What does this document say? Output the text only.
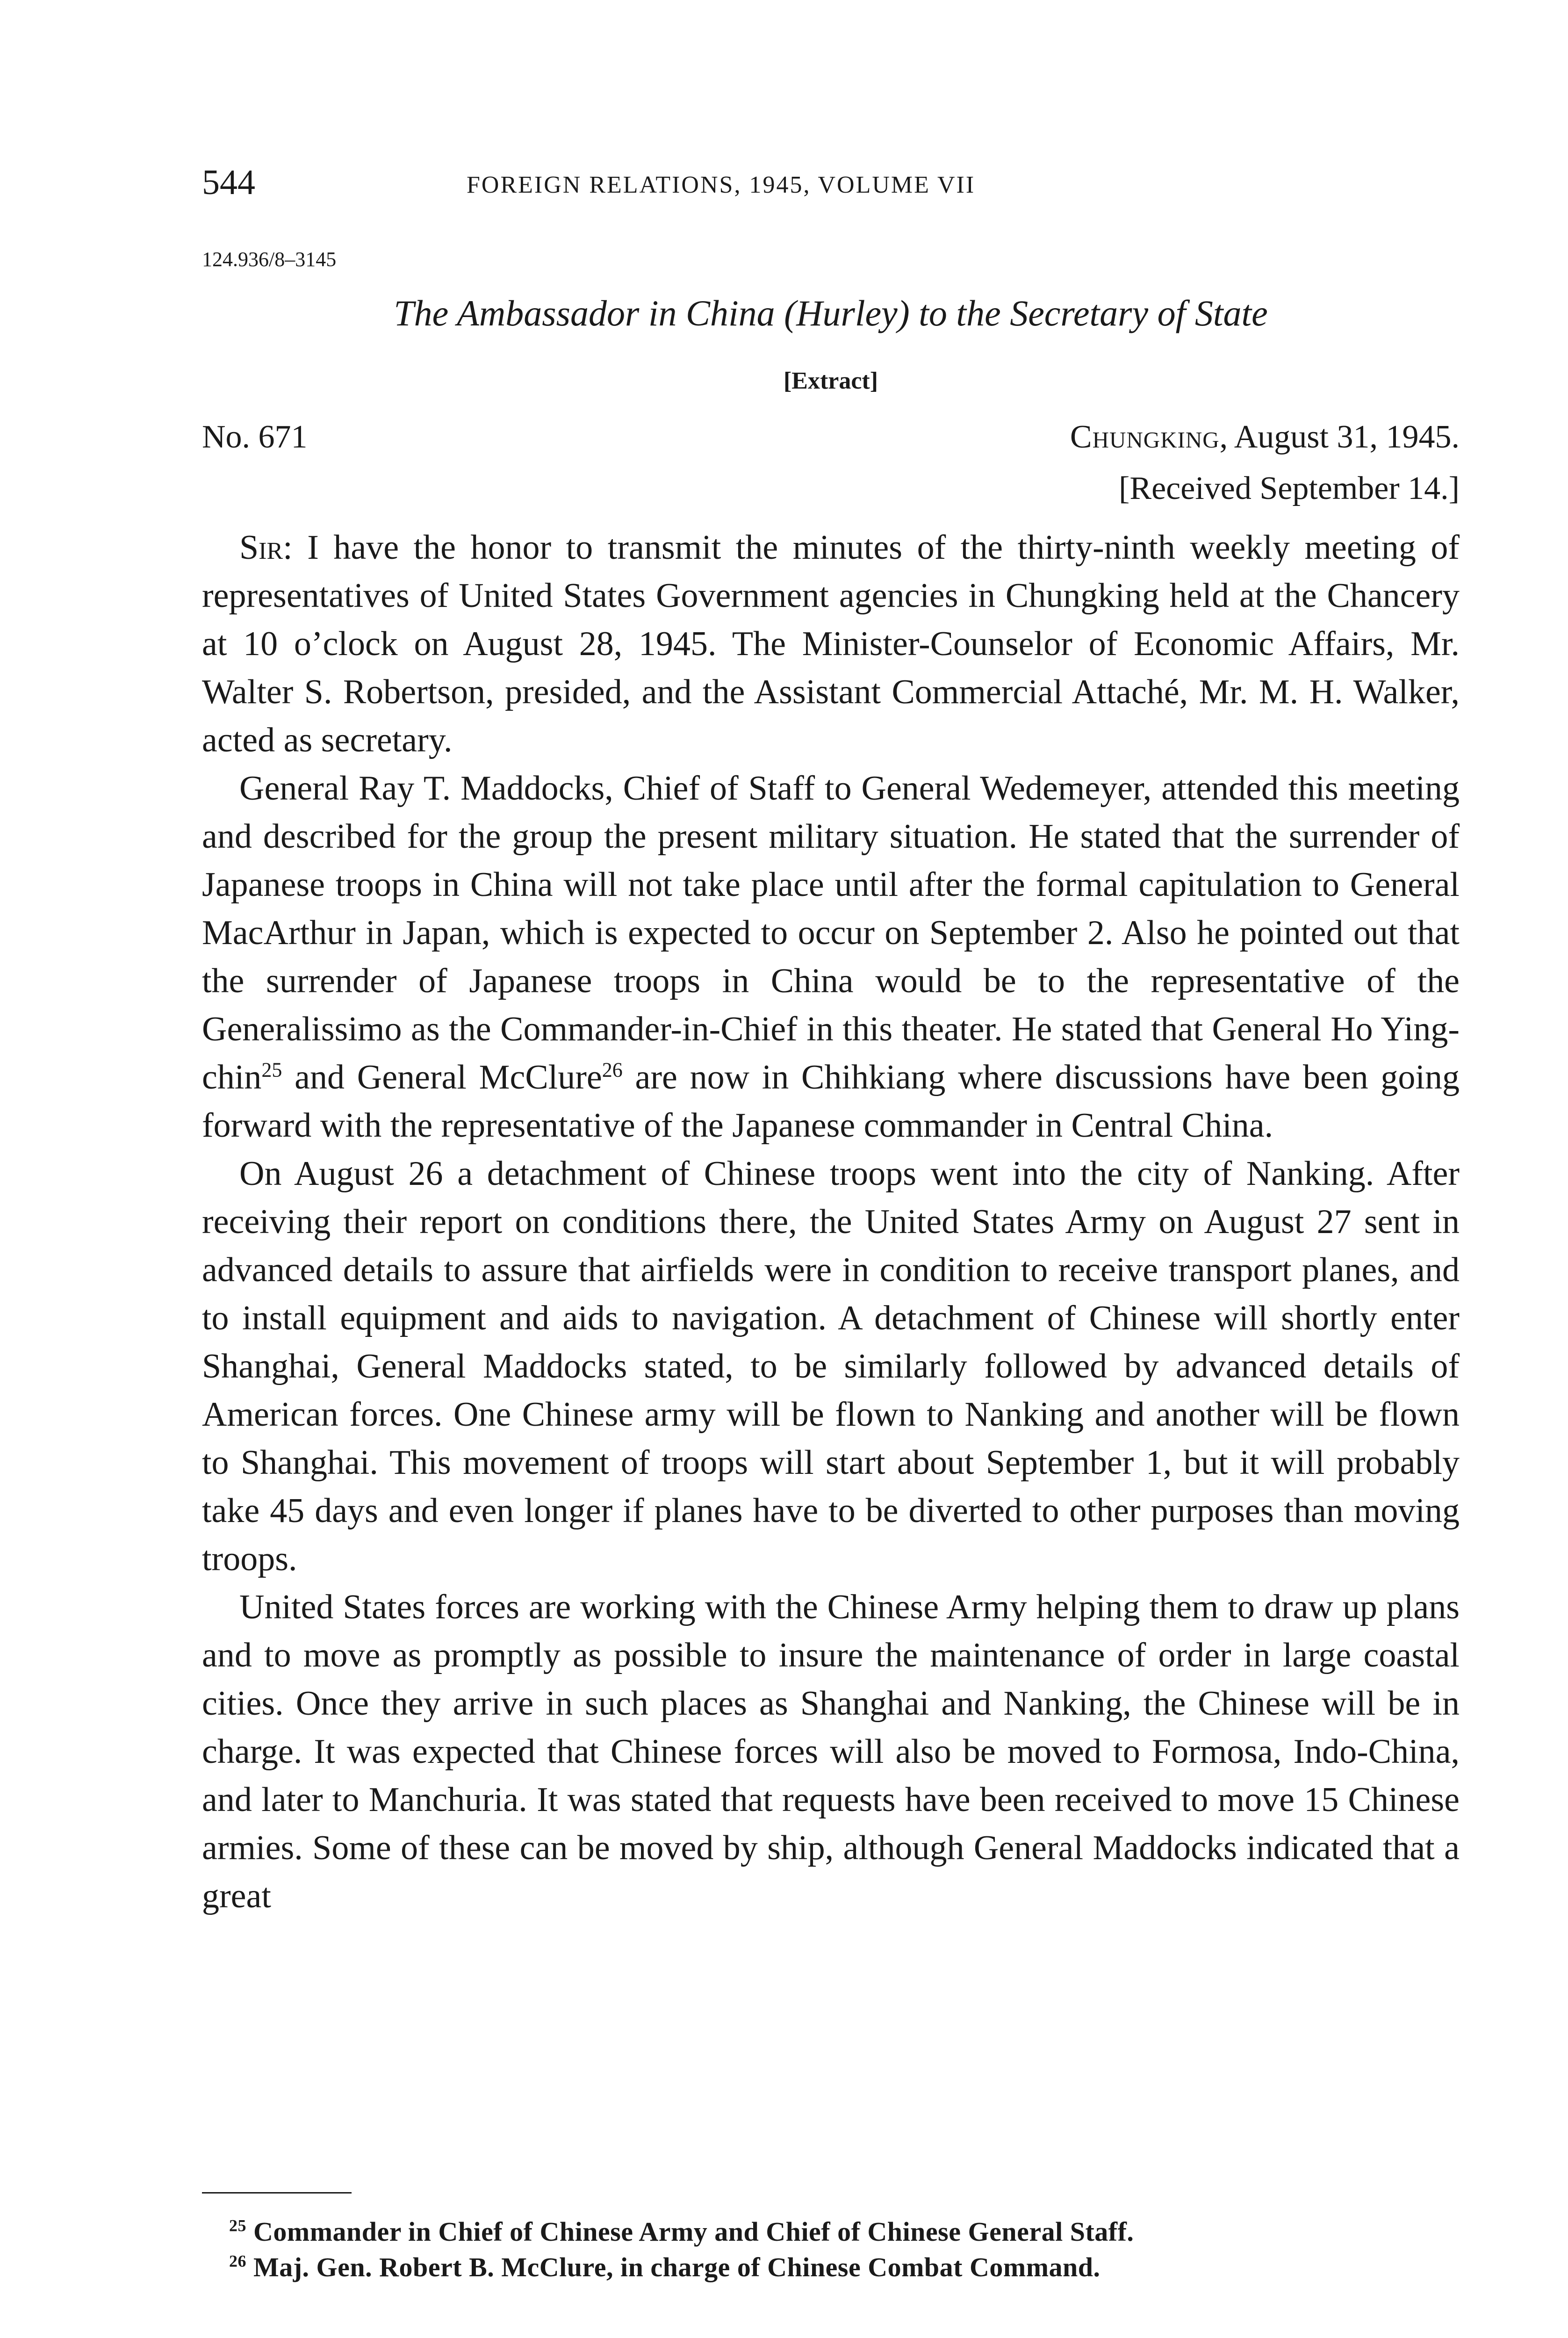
544	FOREIGN RELATIONS, 1945, VOLUME VII
124.936/8–3145
The Ambassador in China (Hurley) to the Secretary of State
[Extract]
No. 671	Chungking, August 31, 1945.
[Received September 14.]

Sir: I have the honor to transmit the minutes of the thirty-ninth weekly meeting of representatives of United States Government agencies in Chungking held at the Chancery at 10 o’clock on August 28, 1945. The Minister-Counselor of Economic Affairs, Mr. Walter S. Robertson, presided, and the Assistant Commercial Attaché, Mr. M. H. Walker, acted as secretary.

General Ray T. Maddocks, Chief of Staff to General Wedemeyer, attended this meeting and described for the group the present military situation. He stated that the surrender of Japanese troops in China will not take place until after the formal capitulation to General MacArthur in Japan, which is expected to occur on September 2. Also he pointed out that the surrender of Japanese troops in China would be to the representative of the Generalissimo as the Commander-in-Chief in this theater. He stated that General Ho Ying-chin$^{25}$ and General McClure$^{26}$ are now in Chihkiang where discussions have been going forward with the representative of the Japanese commander in Central China.

On August 26 a detachment of Chinese troops went into the city of Nanking. After receiving their report on conditions there, the United States Army on August 27 sent in advanced details to assure that airfields were in condition to receive transport planes, and to install equipment and aids to navigation. A detachment of Chinese will shortly enter Shanghai, General Maddocks stated, to be similarly followed by advanced details of American forces. One Chinese army will be flown to Nanking and another will be flown to Shanghai. This movement of troops will start about September 1, but it will probably take 45 days and even longer if planes have to be diverted to other purposes than moving troops.

United States forces are working with the Chinese Army helping them to draw up plans and to move as promptly as possible to insure the maintenance of order in large coastal cities. Once they arrive in such places as Shanghai and Nanking, the Chinese will be in charge. It was expected that Chinese forces will also be moved to Formosa, Indo-China, and later to Manchuria. It was stated that requests have been received to move 15 Chinese armies. Some of these can be moved by ship, although General Maddocks indicated that a great

$^{25}$ Commander in Chief of Chinese Army and Chief of Chinese General Staff.
$^{26}$ Maj. Gen. Robert B. McClure, in charge of Chinese Combat Command.
